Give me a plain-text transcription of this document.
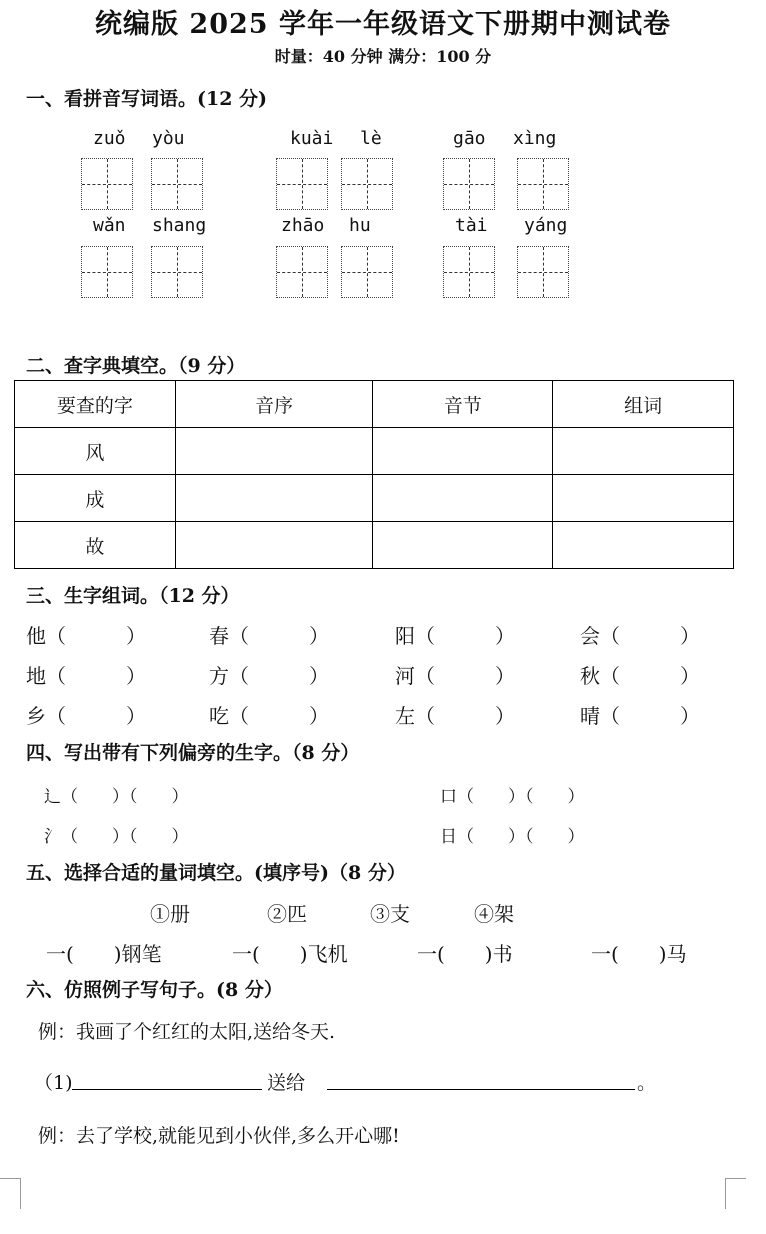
统编版 2025 学年一年级语文下册期中测试卷
时量：40 分钟 满分：100 分
一、看拼音写词语。(12 分)
zuǒ yòu	kuài lè	gāo xìng
wǎn shang	zhāo hu	tài yáng
二、查字典填空。（9 分）
要查的字	音序	音节	组词
风			
成			
故			
三、生字组词。（12 分）
他（　　　）	春（　　　）	阳（　　　）	会（　　　）
地（　　　）	方（　　　）	河（　　　）	秋（　　　）
乡（　　　）	吃（　　　）	左（　　　）	晴（　　　）
四、写出带有下列偏旁的生字。（8 分）
辶（　　）（　　）	口（　　）（　　）
氵（　　）（　　）	日（　　）（　　）
五、选择合适的量词填空。(填序号)（8 分）
①册	②匹	③支	④架
一(　　)钢笔	一(　　)飞机	一(　　)书	一(　　)马
六、仿照例子写句子。(8 分）
例：我画了个红红的太阳,送给冬天.
（1)	送给	。
例：去了学校,就能见到小伙伴,多么开心哪!
